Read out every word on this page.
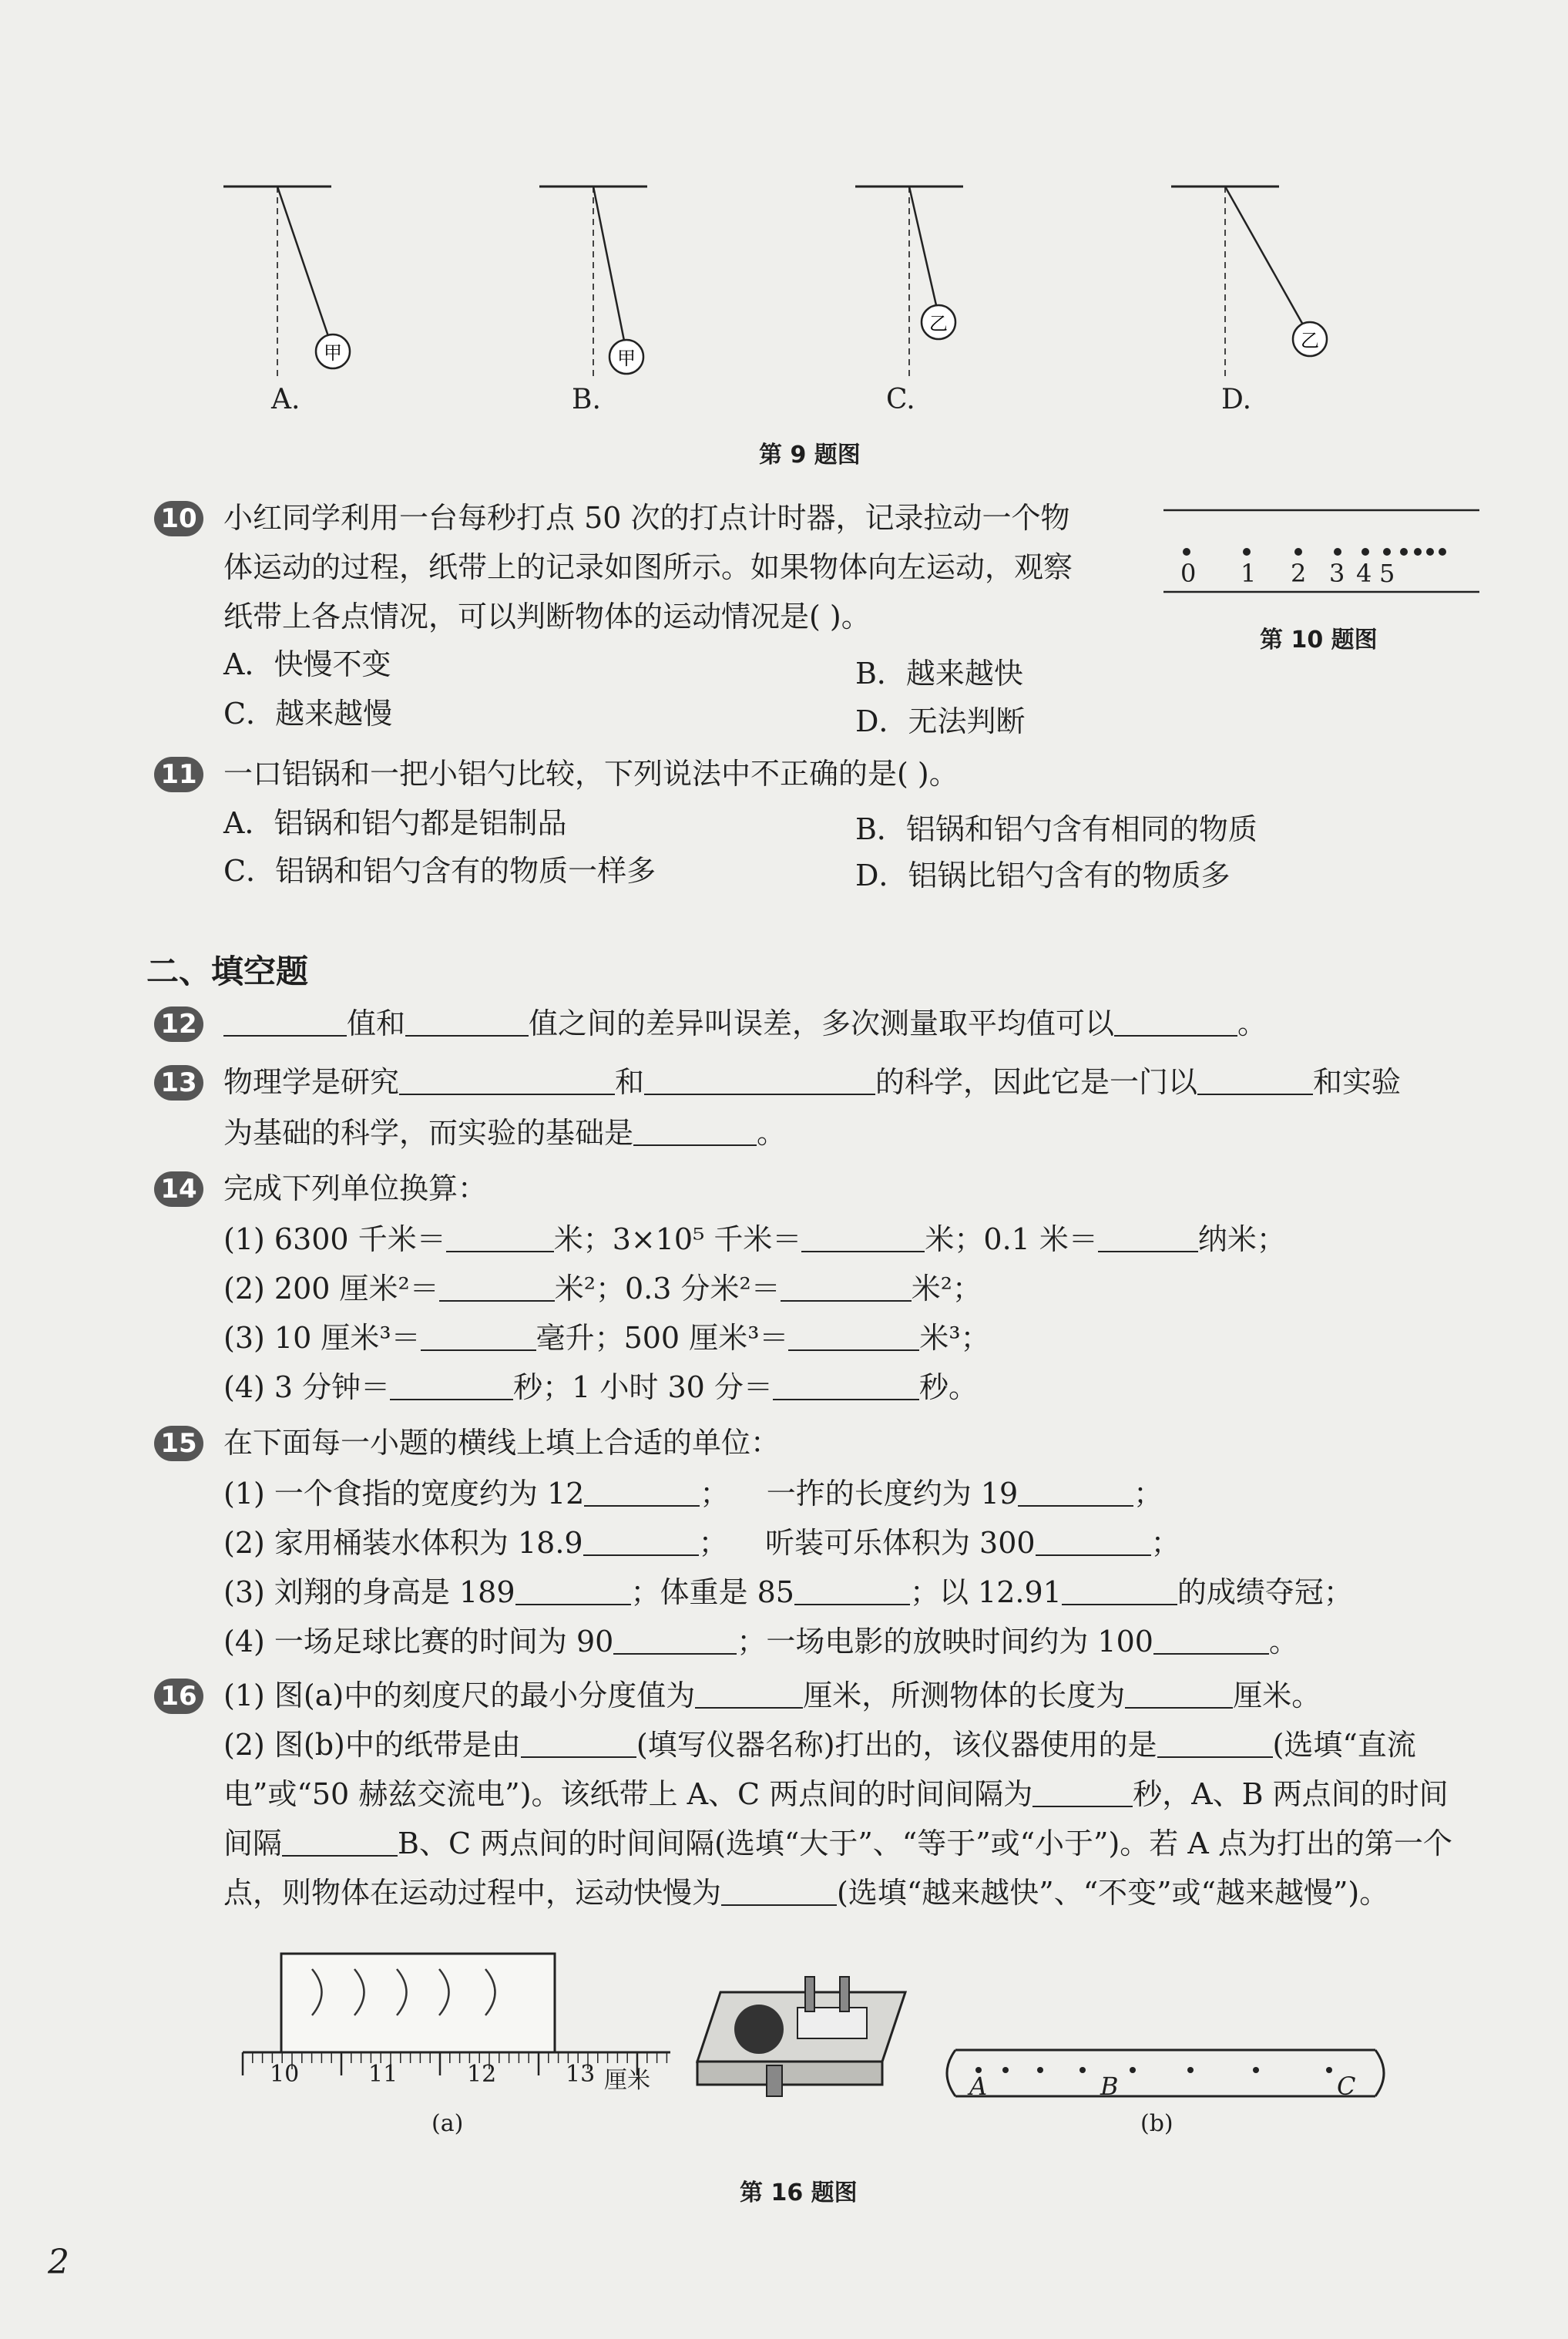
甲	甲
乙
乙
A.	B.	C.	D.
第 9 题图
10 小红同学利用一台每秒打点 50 次的打点计时器，记录拉动一个物
体运动的过程，纸带上的记录如图所示。如果物体向左运动，观察
纸带上各点情况，可以判断物体的运动情况是( )。
A．快慢不变	B．越来越快
C．越来越慢	D．无法判断
0 1 2 3 4 5
第 10 题图
11 一口铝锅和一把小铝勺比较，下列说法中不正确的是( )。
A．铝锅和铝勺都是铝制品	B．铝锅和铝勺含有相同的物质
C．铝锅和铝勺含有的物质一样多	D．铝锅比铝勺含有的物质多
二、填空题
12	值和	值之间的差异叫误差，多次测量取平均值可以	。
13 物理学是研究	和	的科学，因此它是一门以	和实验
为基础的科学，而实验的基础是	。
14 完成下列单位换算：
(1) 6300 千米＝	米；3×10⁵ 千米＝	米；0.1 米＝	纳米；
(2) 200 厘米²＝	米²；0.3 分米²＝	米²；
(3) 10 厘米³＝	毫升；500 厘米³＝	米³；
(4) 3 分钟＝	秒；1 小时 30 分＝	秒。
15 在下面每一小题的横线上填上合适的单位：
(1) 一个食指的宽度约为 12	； 一拃的长度约为 19	；
(2) 家用桶装水体积为 18.9	； 听装可乐体积为 300	；
(3) 刘翔的身高是 189	；体重是 85	；以 12.91	的成绩夺冠；
(4) 一场足球比赛的时间为 90	；一场电影的放映时间约为 100	。
16 (1) 图(a)中的刻度尺的最小分度值为	厘米，所测物体的长度为	厘米。
(2) 图(b)中的纸带是由	(填写仪器名称)打出的，该仪器使用的是	(选填“直流
电”或“50 赫兹交流电”)。该纸带上 A、C 两点间的时间间隔为	秒，A、B 两点间的时间
间隔	B、C 两点间的时间间隔(选填“大于”、“等于”或“小于”)。若 A 点为打出的第一个
点，则物体在运动过程中，运动快慢为	(选填“越来越快”、“不变”或“越来越慢”)。
10	11	12	13 厘米
(a)
A	B	C
(b)
第 16 题图
2
